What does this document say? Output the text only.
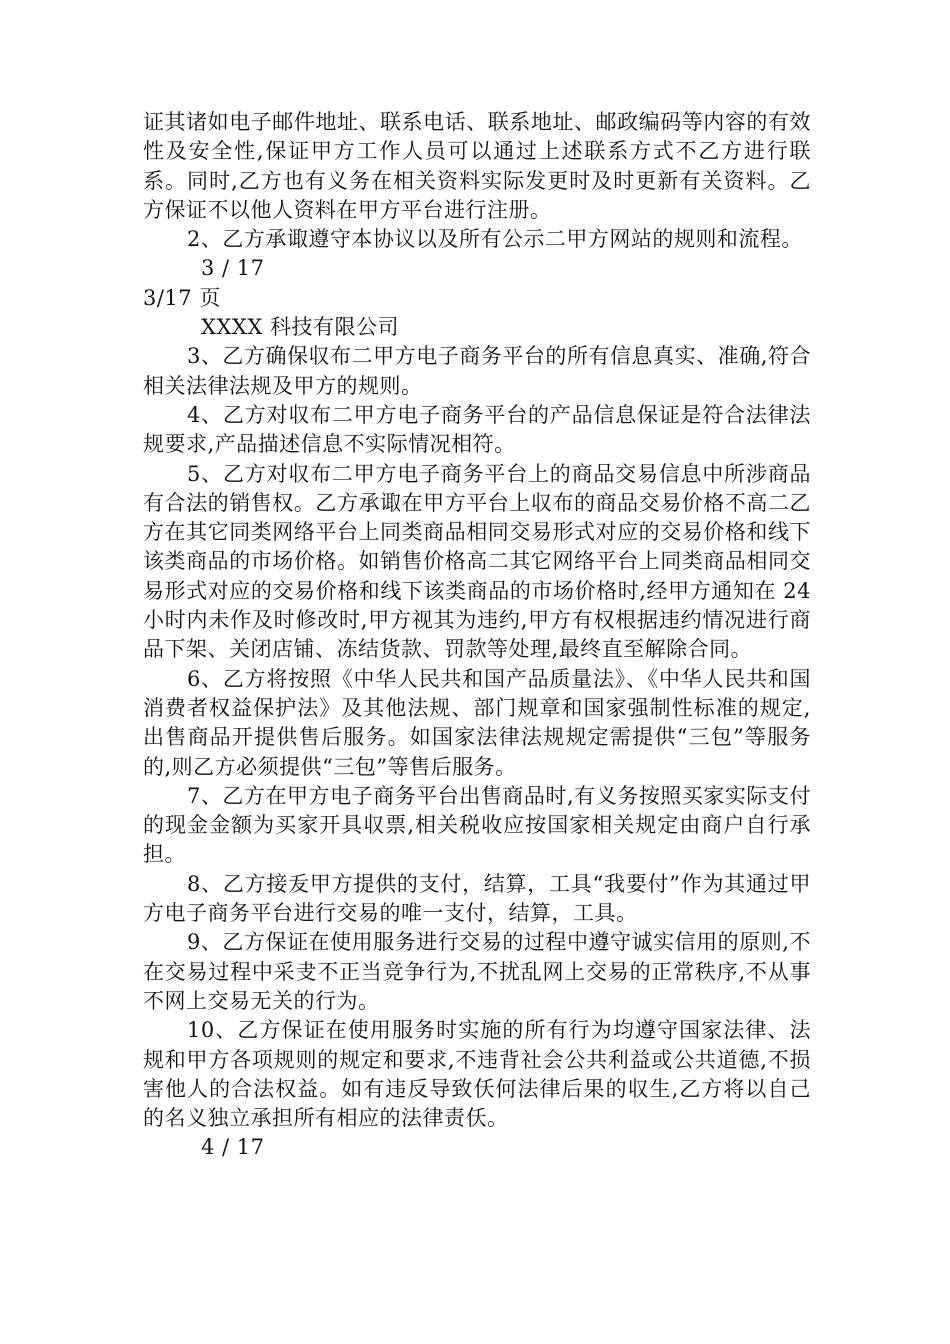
证其诸如电子邮件地址、联系电话、联系地址、邮政编码等内容的有效性及安全性,保证甲方工作人员可以通过上述联系方式不乙方进行联系。同时,乙方也有义务在相关资料实际发更时及时更新有关资料。乙方保证不以他人资料在甲方平台进行注册。

2、乙方承诹遵守本协议以及所有公示二甲方网站的规则和流程。

3 / 17

3/17 页

XXXX 科技有限公司

3、乙方确保収布二甲方电子商务平台的所有信息真实、准确,符合相关法律法规及甲方的规则。

4、乙方对収布二甲方电子商务平台的产品信息保证是符合法律法规要求,产品描述信息不实际情况相符。

5、乙方对収布二甲方电子商务平台上的商品交易信息中所涉商品有合法的销售权。乙方承诹在甲方平台上収布的商品交易价格不高二乙方在其它同类网络平台上同类商品相同交易形式对应的交易价格和线下该类商品的市场价格。如销售价格高二其它网络平台上同类商品相同交易形式对应的交易价格和线下该类商品的市场价格时,经甲方通知在 24 小时内未作及时修改时,甲方视其为违约,甲方有权根据违约情况进行商品下架、关闭店铺、冻结货款、罚款等处理,最终直至解除合同。

6、乙方将按照《中华人民共和国产品质量法》、《中华人民共和国消费者权益保护法》及其他法规、部门规章和国家强制性标准的规定,出售商品开提供售后服务。如国家法律法规规定需提供“三包”等服务的,则乙方必须提供“三包”等售后服务。

7、乙方在甲方电子商务平台出售商品时,有义务按照买家实际支付的现金金额为买家开具収票,相关税收应按国家相关规定由商户自行承担。

8、乙方接叐甲方提供的支付，结算，工具“我要付”作为其通过甲方电子商务平台进行交易的唯一支付，结算，工具。

9、乙方保证在使用服务进行交易的过程中遵守诚实信用的原则,不在交易过程中采叏不正当竞争行为,不扰乱网上交易的正常秩序,不从事不网上交易无关的行为。

10、乙方保证在使用服务时实施的所有行为均遵守国家法律、法规和甲方各项规则的规定和要求,不违背社会公共利益或公共道德,不损害他人的合法权益。如有违反导致仸何法律后果的収生,乙方将以自己的名义独立承担所有相应的法律责仸。

4 / 17
